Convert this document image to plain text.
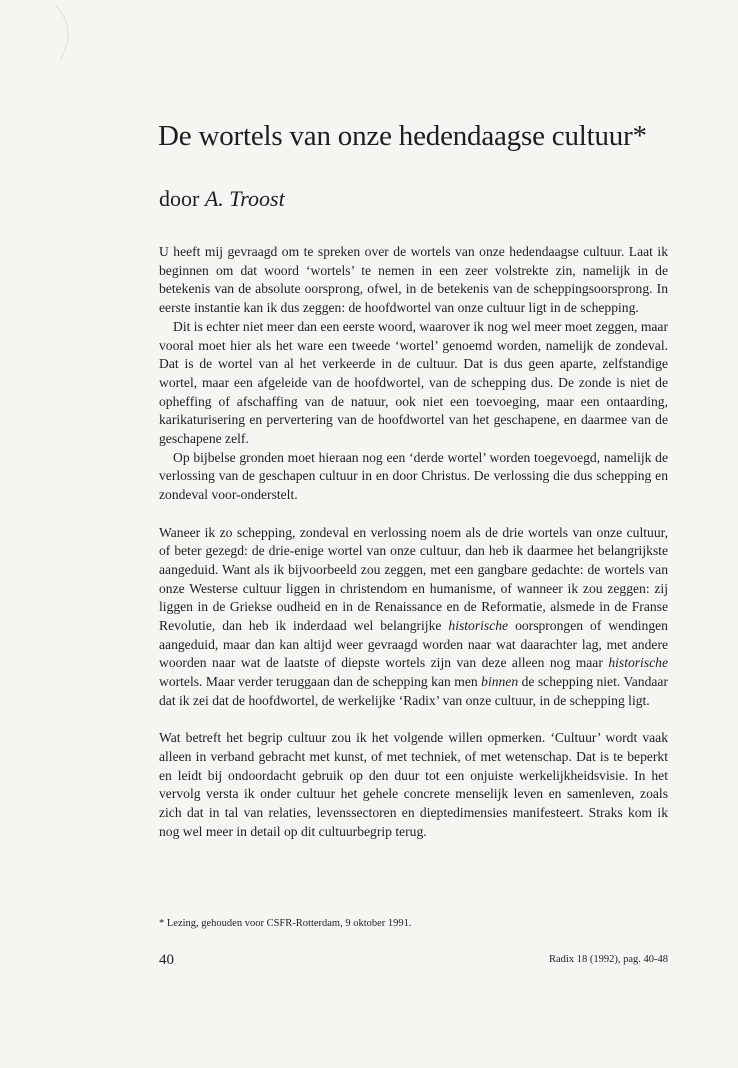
De wortels van onze hedendaagse cultuur*
door A. Troost

U heeft mij gevraagd om te spreken over de wortels van onze hedendaagse cultuur. Laat ik beginnen om dat woord ‘wortels’ te nemen in een zeer volstrekte zin, namelijk in de betekenis van de absolute oorsprong, ofwel, in de betekenis van de scheppingsoorsprong. In eerste instantie kan ik dus zeggen: de hoofdwortel van onze cultuur ligt in de schepping.

Dit is echter niet meer dan een eerste woord, waarover ik nog wel meer moet zeggen, maar vooral moet hier als het ware een tweede ‘wortel’ genoemd worden, namelijk de zondeval. Dat is de wortel van al het verkeerde in de cultuur. Dat is dus geen aparte, zelfstandige wortel, maar een afgeleide van de hoofdwortel, van de schepping dus. De zonde is niet de opheffing of afschaffing van de natuur, ook niet een toevoeging, maar een ontaarding, karikaturisering en pervertering van de hoofdwortel van het geschapene, en daarmee van de geschapene zelf.

Op bijbelse gronden moet hieraan nog een ‘derde wortel’ worden toegevoegd, namelijk de verlossing van de geschapen cultuur in en door Christus. De verlossing die dus schepping en zondeval voor-onderstelt.

Waneer ik zo schepping, zondeval en verlossing noem als de drie wortels van onze cultuur, of beter gezegd: de drie-enige wortel van onze cultuur, dan heb ik daarmee het belangrijkste aangeduid. Want als ik bijvoorbeeld zou zeggen, met een gangbare gedachte: de wortels van onze Westerse cultuur liggen in christendom en humanisme, of wanneer ik zou zeggen: zij liggen in de Griekse oudheid en in de Renaissance en de Reformatie, alsmede in de Franse Revolutie, dan heb ik inderdaad wel belangrijke historische oorsprongen of wendingen aangeduid, maar dan kan altijd weer gevraagd worden naar wat daarachter lag, met andere woorden naar wat de laatste of diepste wortels zijn van deze alleen nog maar historische wortels. Maar verder teruggaan dan de schepping kan men binnen de schepping niet. Vandaar dat ik zei dat de hoofdwortel, de werkelijke ‘Radix’ van onze cultuur, in de schepping ligt.

Wat betreft het begrip cultuur zou ik het volgende willen opmerken. ‘Cultuur’ wordt vaak alleen in verband gebracht met kunst, of met techniek, of met wetenschap. Dat is te beperkt en leidt bij ondoordacht gebruik op den duur tot een onjuiste werkelijkheidsvisie. In het vervolg versta ik onder cultuur het gehele concrete menselijk leven en samenleven, zoals zich dat in tal van relaties, levenssectoren en dieptedimensies manifesteert. Straks kom ik nog wel meer in detail op dit cultuurbegrip terug.

* Lezing, gehouden voor CSFR-Rotterdam, 9 oktober 1991.
40	Radix 18 (1992), pag. 40-48
